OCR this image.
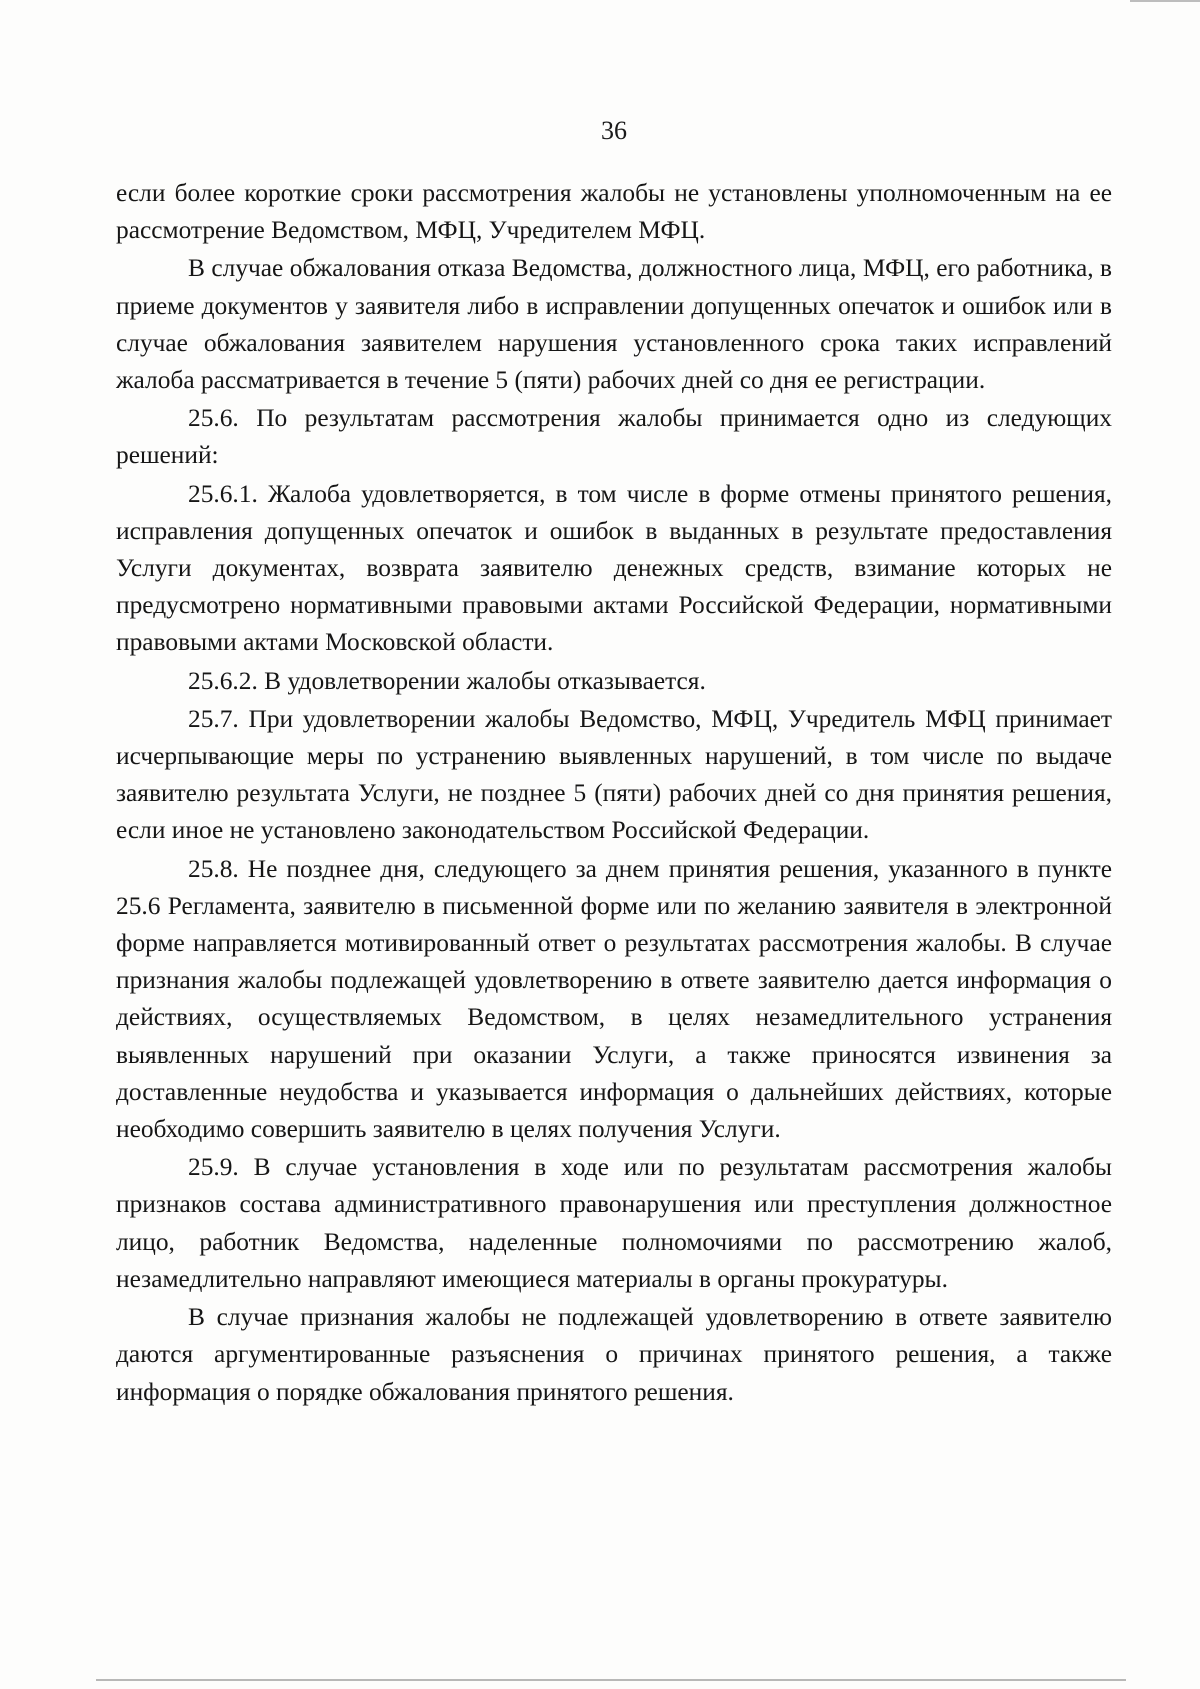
36

если более короткие сроки рассмотрения жалобы не установлены уполномоченным на ее рассмотрение Ведомством, МФЦ, Учредителем МФЦ.

В случае обжалования отказа Ведомства, должностного лица, МФЦ, его работника, в приеме документов у заявителя либо в исправлении допущенных опечаток и ошибок или в случае обжалования заявителем нарушения установленного срока таких исправлений жалоба рассматривается в течение 5 (пяти) рабочих дней со дня ее регистрации.

25.6. По результатам рассмотрения жалобы принимается одно из следующих решений:

25.6.1. Жалоба удовлетворяется, в том числе в форме отмены принятого решения, исправления допущенных опечаток и ошибок в выданных в результате предоставления Услуги документах, возврата заявителю денежных средств, взимание которых не предусмотрено нормативными правовыми актами Российской Федерации, нормативными правовыми актами Московской области.

25.6.2. В удовлетворении жалобы отказывается.

25.7. При удовлетворении жалобы Ведомство, МФЦ, Учредитель МФЦ принимает исчерпывающие меры по устранению выявленных нарушений, в том числе по выдаче заявителю результата Услуги, не позднее 5 (пяти) рабочих дней со дня принятия решения, если иное не установлено законодательством Российской Федерации.

25.8. Не позднее дня, следующего за днем принятия решения, указанного в пункте 25.6 Регламента, заявителю в письменной форме или по желанию заявителя в электронной форме направляется мотивированный ответ о результатах рассмотрения жалобы. В случае признания жалобы подлежащей удовлетворению в ответе заявителю дается информация о действиях, осуществляемых Ведомством, в целях незамедлительного устранения выявленных нарушений при оказании Услуги, а также приносятся извинения за доставленные неудобства и указывается информация о дальнейших действиях, которые необходимо совершить заявителю в целях получения Услуги.

25.9. В случае установления в ходе или по результатам рассмотрения жалобы признаков состава административного правонарушения или преступления должностное лицо, работник Ведомства, наделенные полномочиями по рассмотрению жалоб, незамедлительно направляют имеющиеся материалы в органы прокуратуры.

В случае признания жалобы не подлежащей удовлетворению в ответе заявителю даются аргументированные разъяснения о причинах принятого решения, а также информация о порядке обжалования принятого решения.
